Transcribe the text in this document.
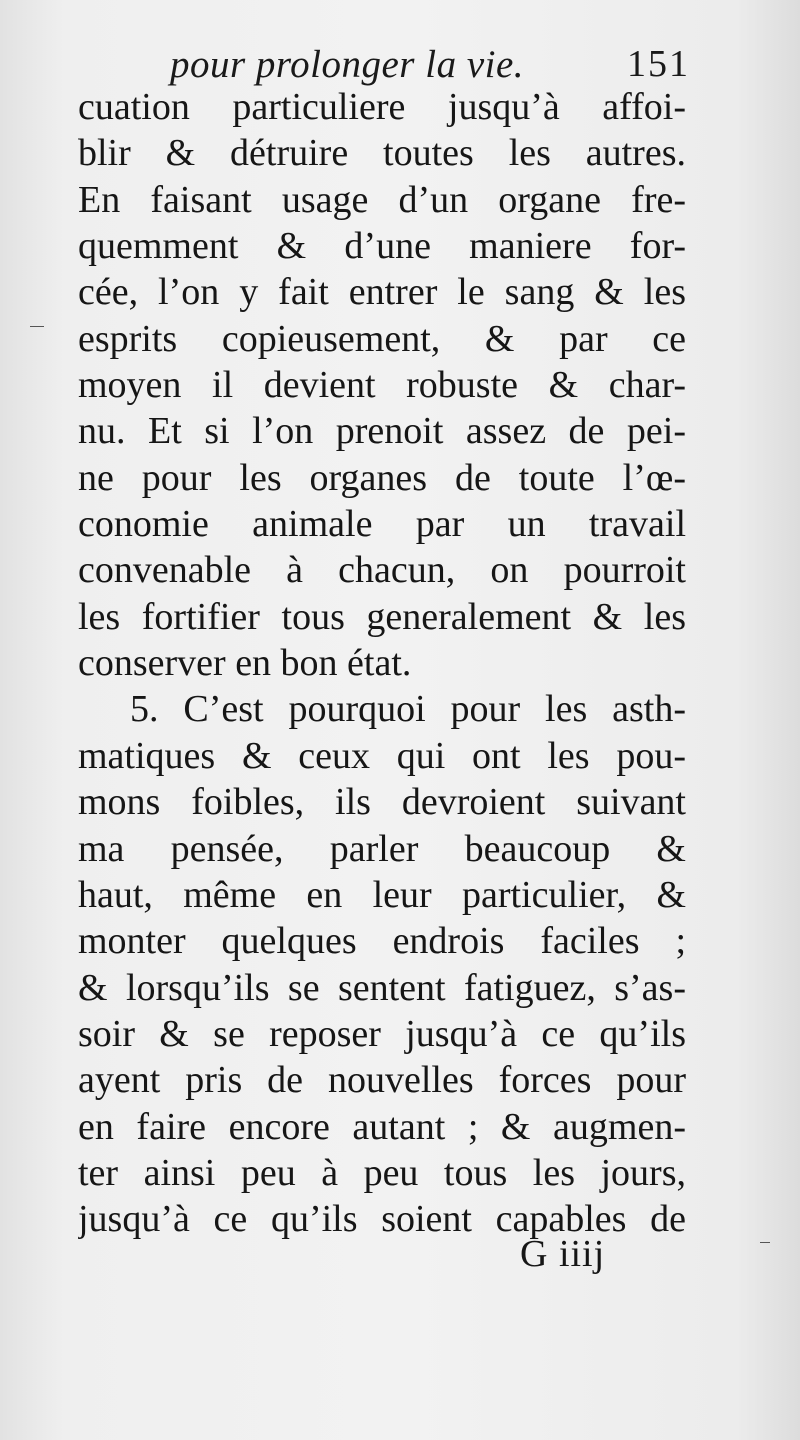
pour prolonger la vie.	151
cuation particuliere jusqu’à affoi-
blir & détruire toutes les autres.
En faisant usage d’un organe fre-
quemment & d’une maniere for-
cée, l’on y fait entrer le sang & les
esprits copieusement, & par ce
moyen il devient robuste & char-
nu. Et si l’on prenoit assez de pei-
ne pour les organes de toute l’œ-
conomie animale par un travail
convenable à chacun, on pourroit
les fortifier tous generalement & les
conserver en bon état.
5. C’est pourquoi pour les asth-
matiques & ceux qui ont les pou-
mons foibles, ils devroient suivant
ma pensée, parler beaucoup &
haut, même en leur particulier, &
monter quelques endrois faciles ;
& lorsqu’ils se sentent fatiguez, s’as-
soir & se reposer jusqu’à ce qu’ils
ayent pris de nouvelles forces pour
en faire encore autant ; & augmen-
ter ainsi peu à peu tous les jours,
jusqu’à ce qu’ils soient capables de
G iiij
